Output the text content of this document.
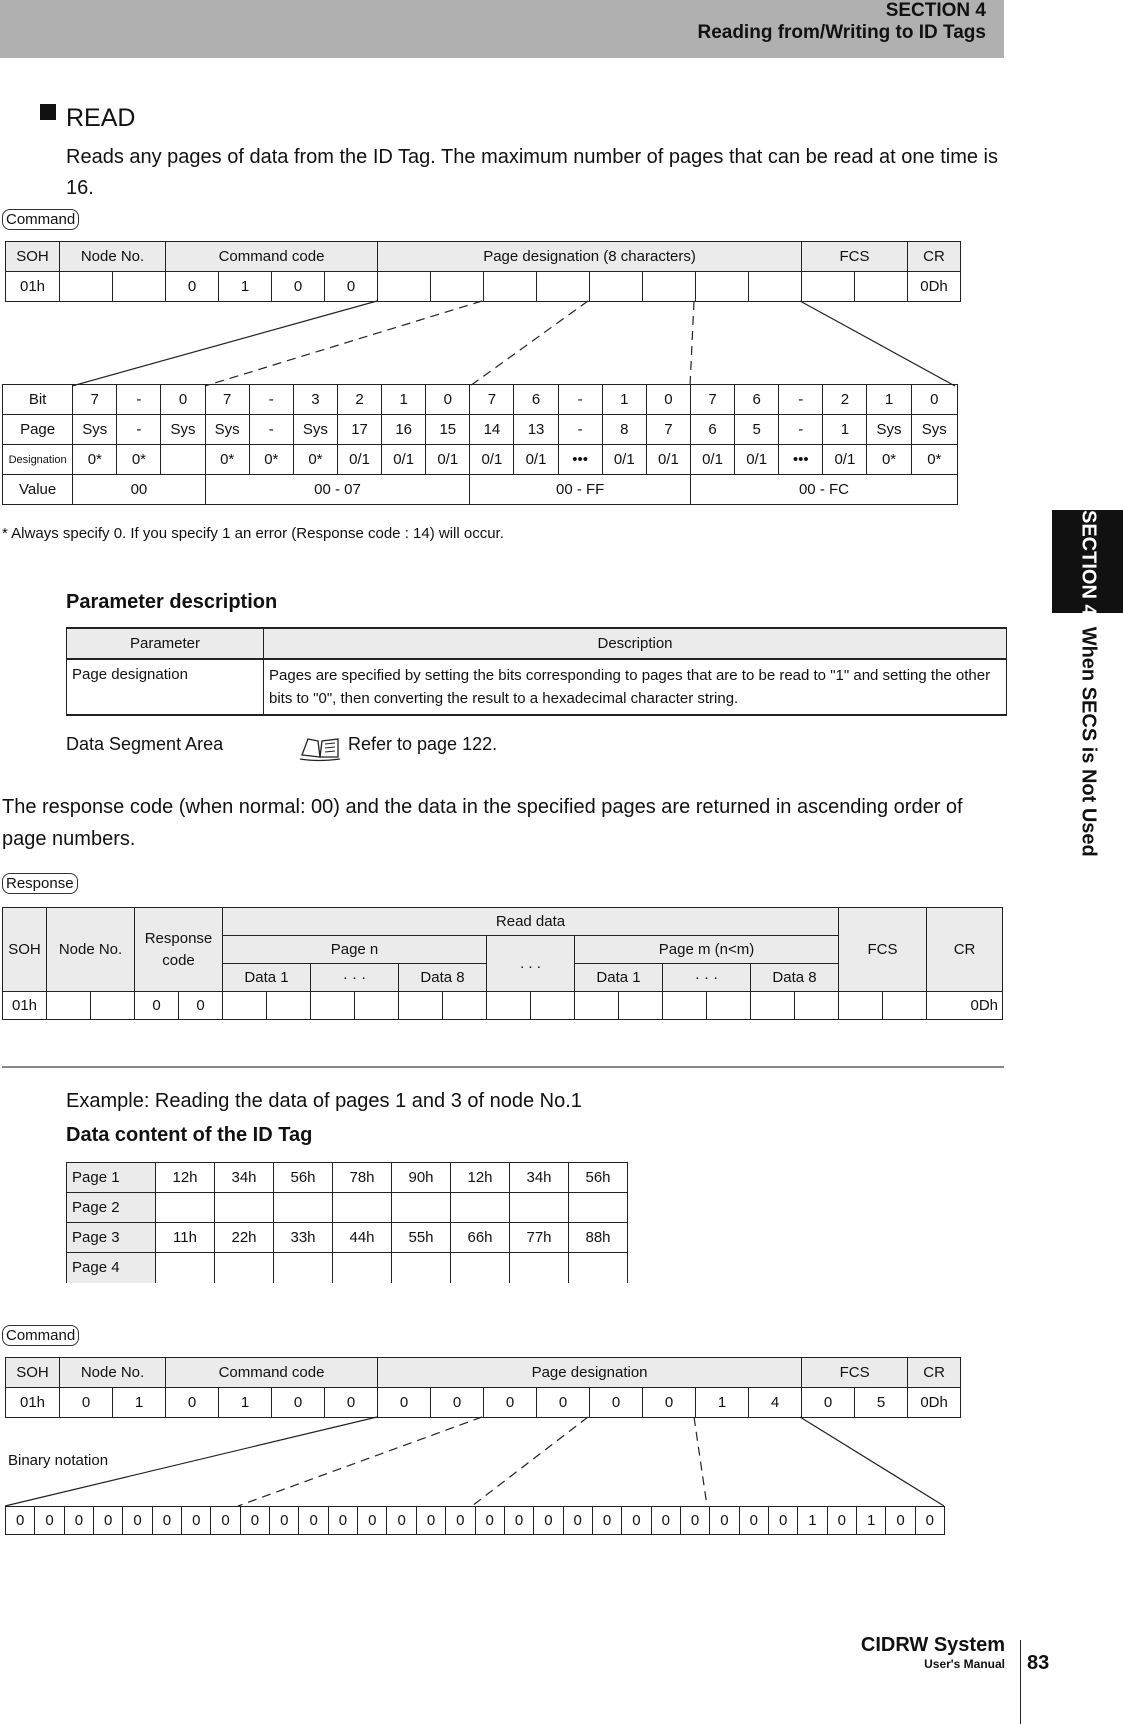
SECTION 4
Reading from/Writing to ID Tags
SECTION 4  When SECS is Not Used
READ

Reads any pages of data from the ID Tag. The maximum number of pages that can be read at one time is 16.

Command
SOH	Node No.		Command code				Page designation (8 characters)								FCS		CR
01h			0	1	0	0											0Dh
Bit	7	-	0	7	-	3	2	1	0	7	6	-	1	0	7	6	-	2	1	0
Page	Sys	-	Sys	Sys	-	Sys	17	16	15	14	13	-	8	7	6	5	-	1	Sys	Sys
Designation	0*	0*		0*	0*	0*	0/1	0/1	0/1	0/1	0/1	•••	0/1	0/1	0/1	0/1	•••	0/1	0*	0*
Value	00			00 - 07						00 - FF					00 - FC					

* Always specify 0. If you specify 1 an error (Response code : 14) will occur.

Parameter description

Parameter	Description
Page designation	Pages are specified by setting the bits corresponding to pages that are to be read to "1" and setting the other bits to "0", then converting the result to a hexadecimal character string.

Data Segment Area	Refer to page 122.

The response code (when normal: 00) and the data in the specified pages are returned in ascending order of page numbers.

Response
SOH	Node No.		Response code		Read data														FCS		CR
					Page n						. . .		Page m (n<m)								
					Data 1		· · ·		Data 8				Data 1		· · ·		Data 8				
01h			0	0																	0Dh

Example: Reading the data of pages 1 and 3 of node No.1

Data content of the ID Tag

Page 1	12h	34h	56h	78h	90h	12h	34h	56h
Page 2								
Page 3	11h	22h	33h	44h	55h	66h	77h	88h
Page 4								
Command
SOH	Node No.		Command code				Page designation								FCS		CR
01h	0	1	0	1	0	0	0	0	0	0	0	0	1	4	0	5	0Dh

Binary notation

0	0	0	0	0	0	0	0	0	0	0	0	0	0	0	0	0	0	0	0	0	0	0	0	0	0	0	1	0	1	0	0
CIDRW System
User's Manual 83
